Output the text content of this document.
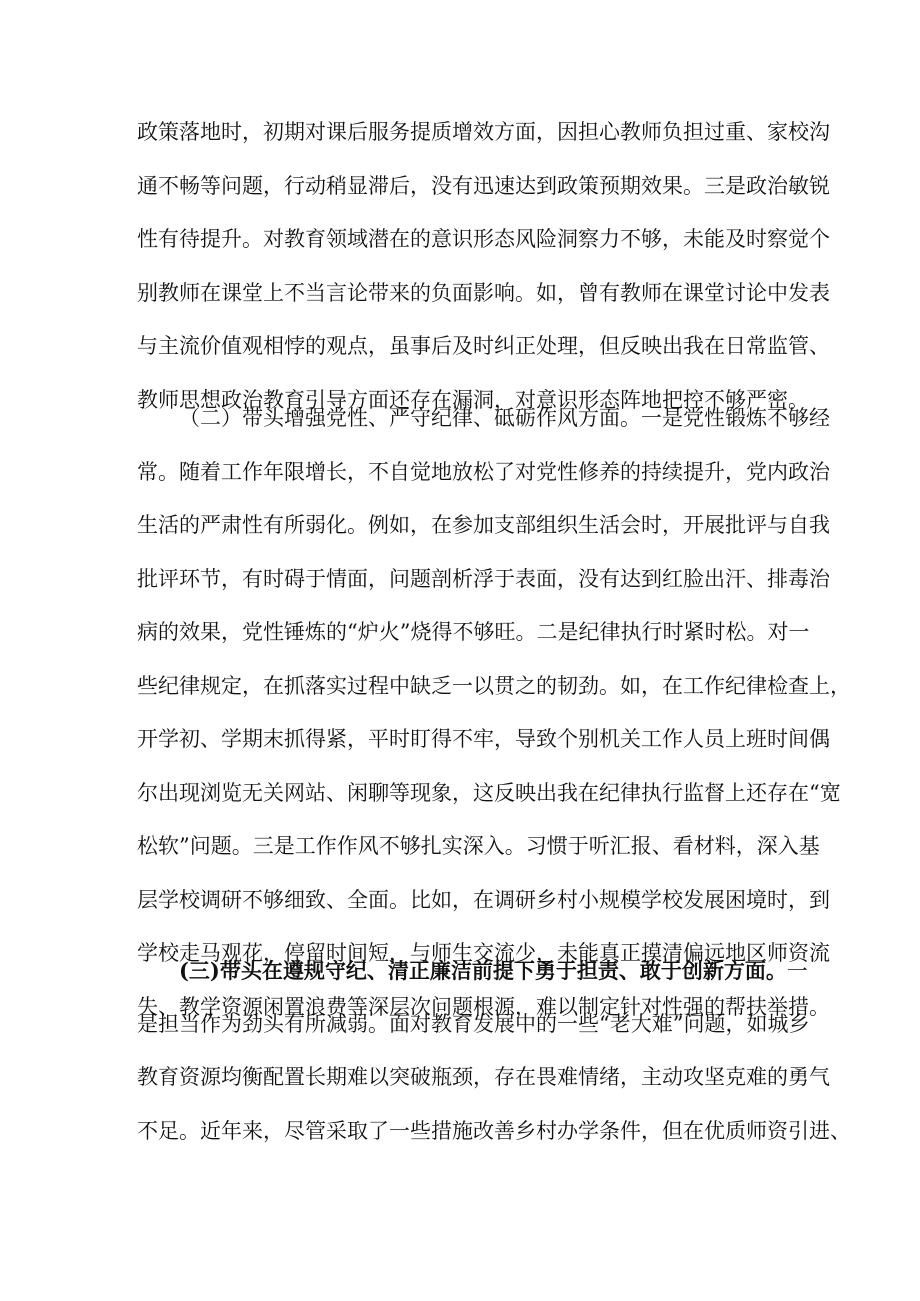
政策落地时，初期对课后服务提质增效方面，因担心教师负担过重、家校沟
通不畅等问题，行动稍显滞后，没有迅速达到政策预期效果。三是政治敏锐
性有待提升。对教育领域潜在的意识形态风险洞察力不够，未能及时察觉个
别教师在课堂上不当言论带来的负面影响。如，曾有教师在课堂讨论中发表
与主流价值观相悖的观点，虽事后及时纠正处理，但反映出我在日常监管、
教师思想政治教育引导方面还存在漏洞，对意识形态阵地把控不够严密。
（二）带头增强党性、严守纪律、砥砺作风方面。一是党性锻炼不够经
常。随着工作年限增长，不自觉地放松了对党性修养的持续提升，党内政治
生活的严肃性有所弱化。例如，在参加支部组织生活会时，开展批评与自我
批评环节，有时碍于情面，问题剖析浮于表面，没有达到红脸出汗、排毒治
病的效果，党性锤炼的“炉火”烧得不够旺。二是纪律执行时紧时松。对一
些纪律规定，在抓落实过程中缺乏一以贯之的韧劲。如，在工作纪律检查上，
开学初、学期末抓得紧，平时盯得不牢，导致个别机关工作人员上班时间偶
尔出现浏览无关网站、闲聊等现象，这反映出我在纪律执行监督上还存在“宽
松软”问题。三是工作作风不够扎实深入。习惯于听汇报、看材料，深入基
层学校调研不够细致、全面。比如，在调研乡村小规模学校发展困境时，到
学校走马观花，停留时间短，与师生交流少，未能真正摸清偏远地区师资流
失、教学资源闲置浪费等深层次问题根源，难以制定针对性强的帮扶举措。
(三)带头在遵规守纪、清正廉洁前提下勇于担责、敢于创新方面。一
是担当作为劲头有所减弱。面对教育发展中的一些“老大难”问题，如城乡
教育资源均衡配置长期难以突破瓶颈，存在畏难情绪，主动攻坚克难的勇气
不足。近年来，尽管采取了一些措施改善乡村办学条件，但在优质师资引进、
